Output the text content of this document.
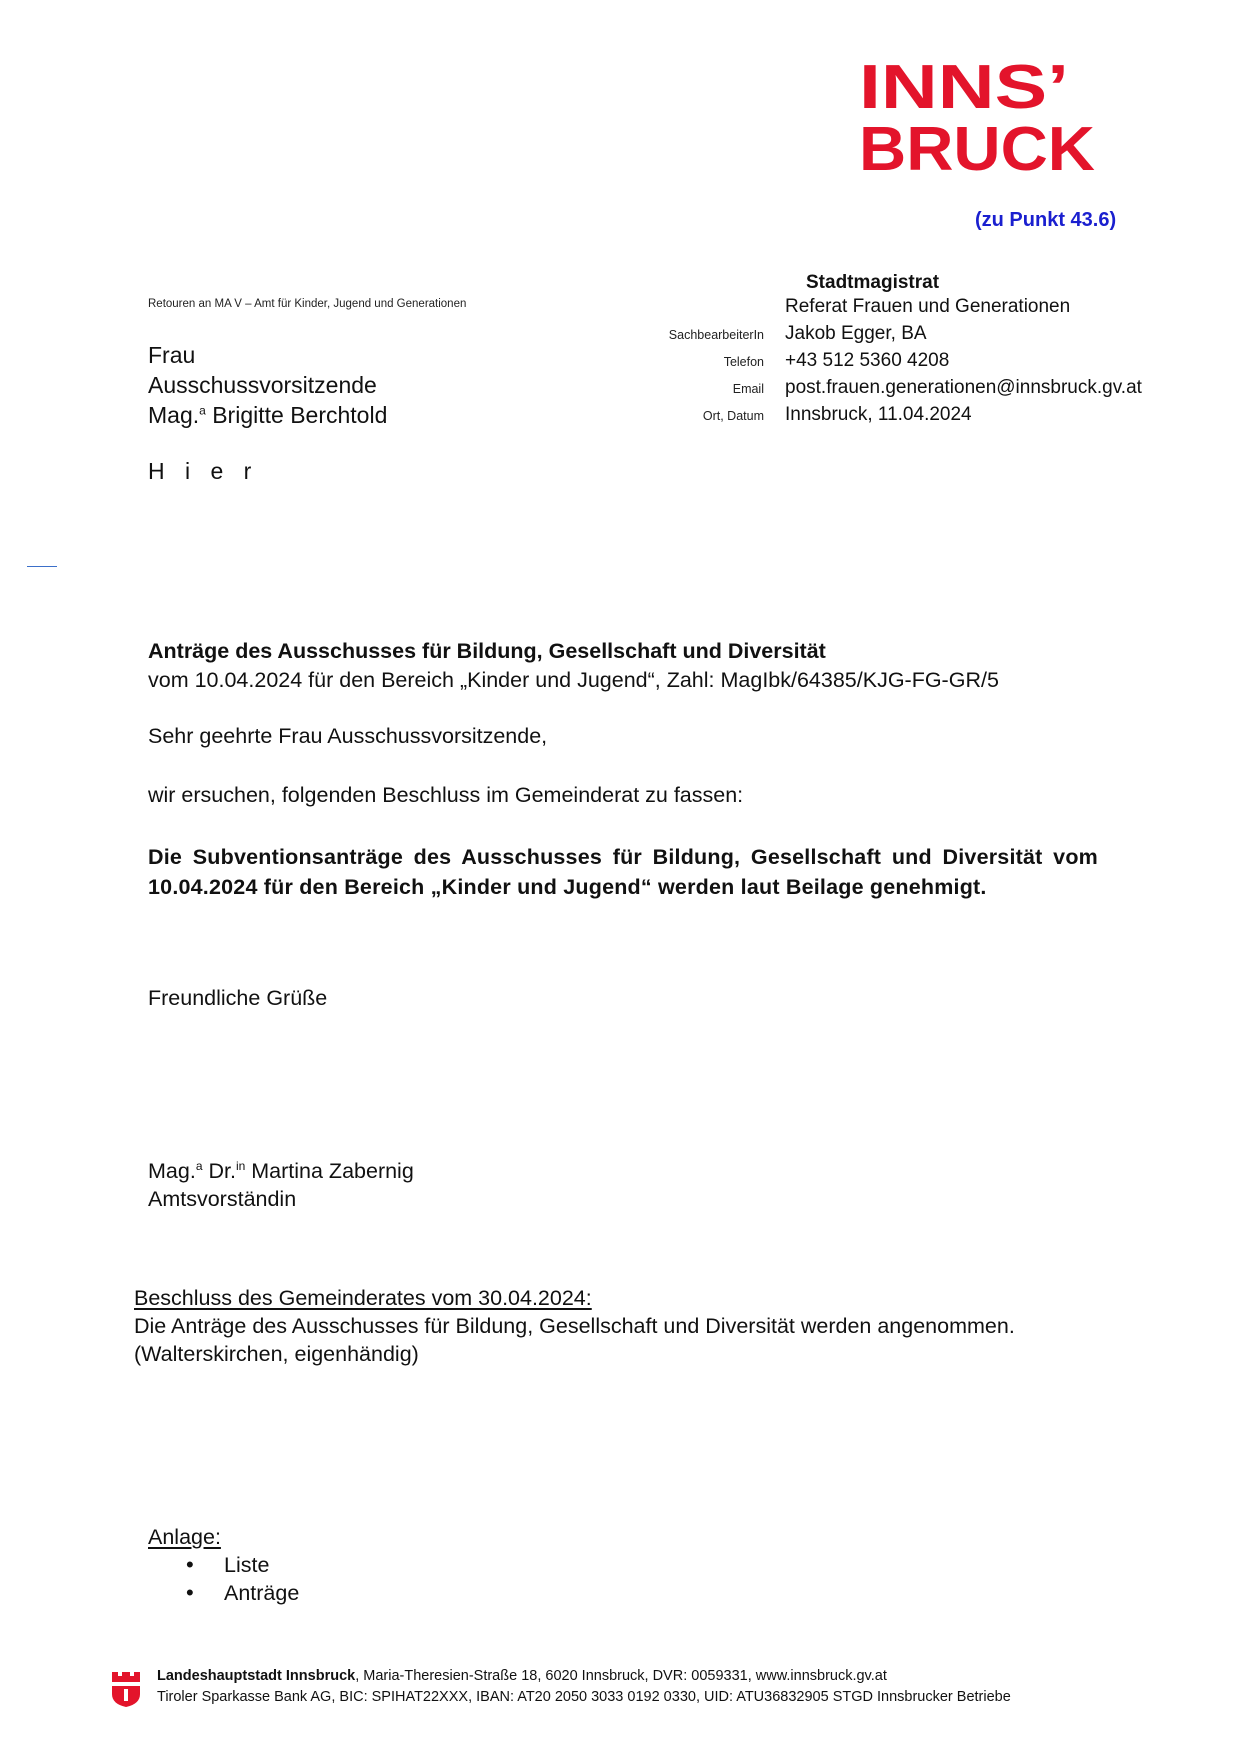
INNS’
BRUCK
(zu Punkt 43.6)
Retouren an MA V – Amt für Kinder, Jugend und Generationen
Frau
Ausschussvorsitzende
Mag.$^a$ Brigitte Berchtold
H i e r
Stadtmagistrat
Referat Frauen und Generationen
SachbearbeiterIn	Jakob Egger, BA
Telefon	+43 512 5360 4208
Email	post.frauen.generationen@innsbruck.gv.at
Ort, Datum	Innsbruck, 11.04.2024
Anträge des Ausschusses für Bildung, Gesellschaft und Diversität
vom 10.04.2024 für den Bereich „Kinder und Jugend“, Zahl: MagIbk/64385/KJG-FG-GR/5
Sehr geehrte Frau Ausschussvorsitzende,
wir ersuchen, folgenden Beschluss im Gemeinderat zu fassen:
Die Subventionsanträge des Ausschusses für Bildung, Gesellschaft und Diversität vom 10.04.2024 für den Bereich „Kinder und Jugend“ werden laut Beilage genehmigt.
Freundliche Grüße
Mag.$^a$ Dr.$^{in}$ Martina Zabernig
Amtsvorständin
Beschluss des Gemeinderates vom 30.04.2024:
Die Anträge des Ausschusses für Bildung, Gesellschaft und Diversität werden angenommen.
(Walterskirchen, eigenhändig)
Anlage:
• Liste
• Anträge
Landeshauptstadt Innsbruck, Maria-Theresien-Straße 18, 6020 Innsbruck, DVR: 0059331, www.innsbruck.gv.at
Tiroler Sparkasse Bank AG, BIC: SPIHAT22XXX, IBAN: AT20 2050 3033 0192 0330, UID: ATU36832905 STGD Innsbrucker Betriebe
